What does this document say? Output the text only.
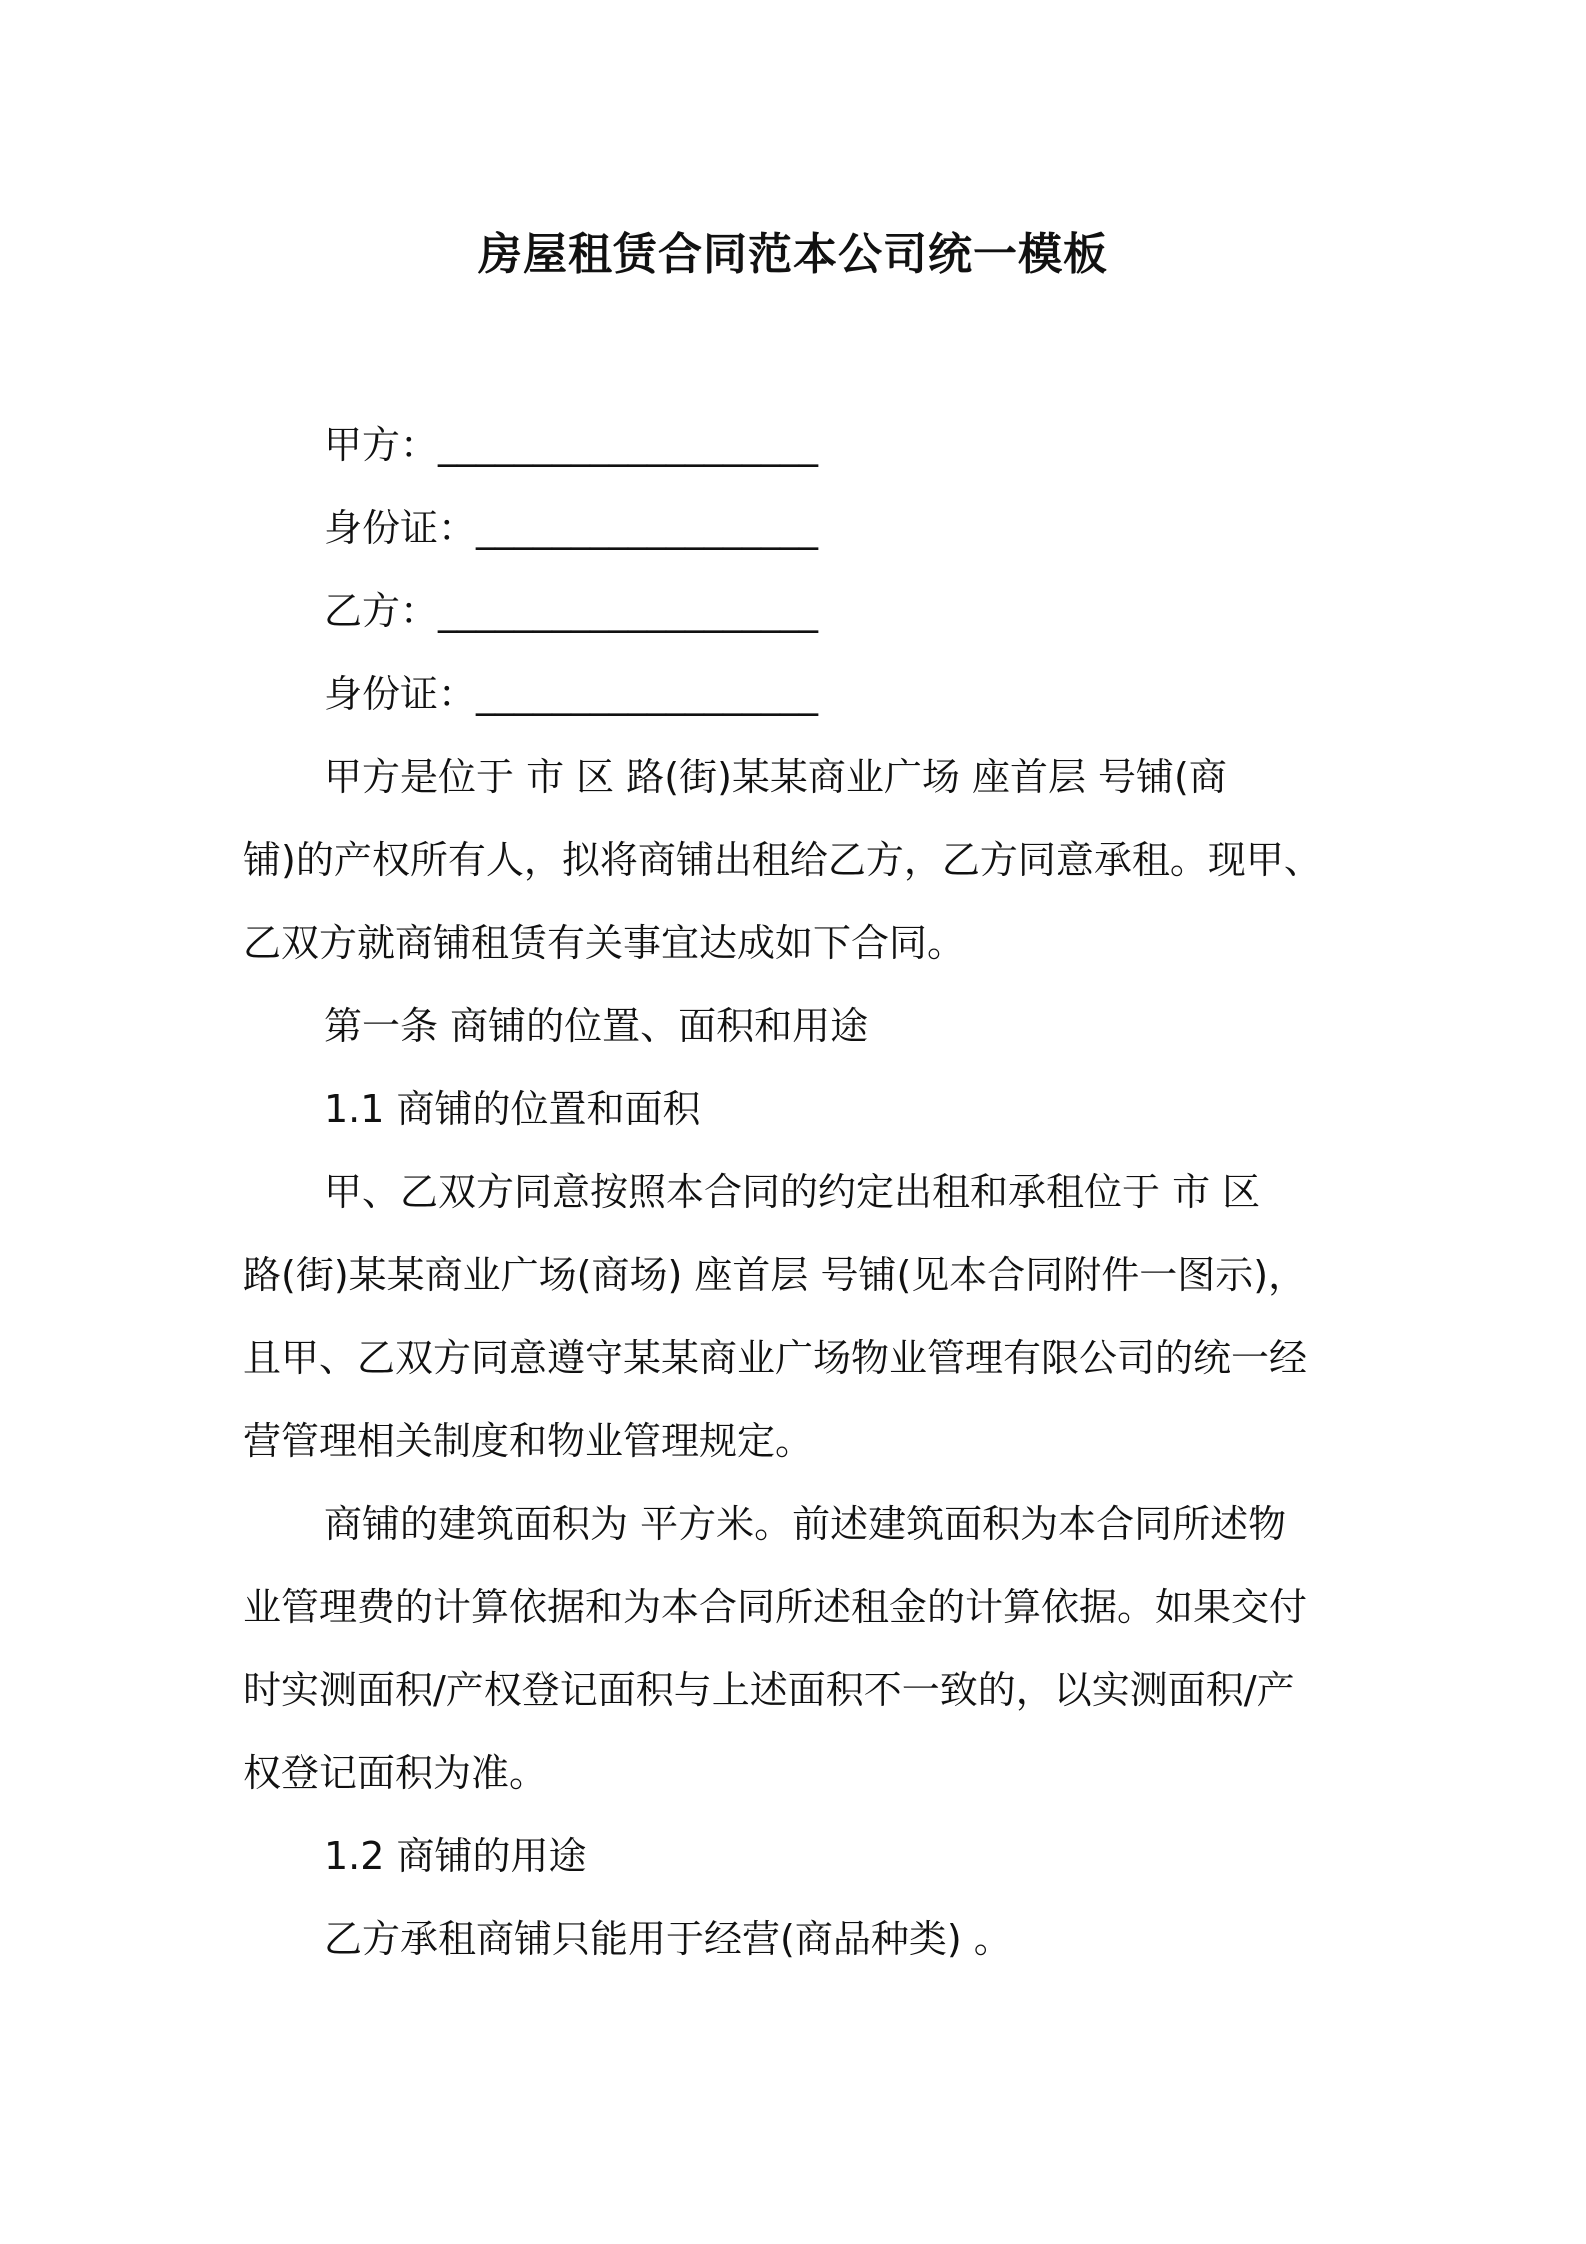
房屋租赁合同范本公司统一模板
甲方：____________________
身份证：__________________
乙方：____________________
身份证：__________________
甲方是位于 市 区 路(街)某某商业广场 座首层 号铺(商
铺)的产权所有人，拟将商铺出租给乙方，乙方同意承租。现甲、
乙双方就商铺租赁有关事宜达成如下合同。
第一条 商铺的位置、面积和用途
1.1 商铺的位置和面积
甲、乙双方同意按照本合同的约定出租和承租位于 市 区
路(街)某某商业广场(商场) 座首层 号铺(见本合同附件一图示)，
且甲、乙双方同意遵守某某商业广场物业管理有限公司的统一经
营管理相关制度和物业管理规定。
商铺的建筑面积为 平方米。前述建筑面积为本合同所述物
业管理费的计算依据和为本合同所述租金的计算依据。如果交付
时实测面积/产权登记面积与上述面积不一致的，以实测面积/产
权登记面积为准。
1.2 商铺的用途
乙方承租商铺只能用于经营(商品种类) 。
